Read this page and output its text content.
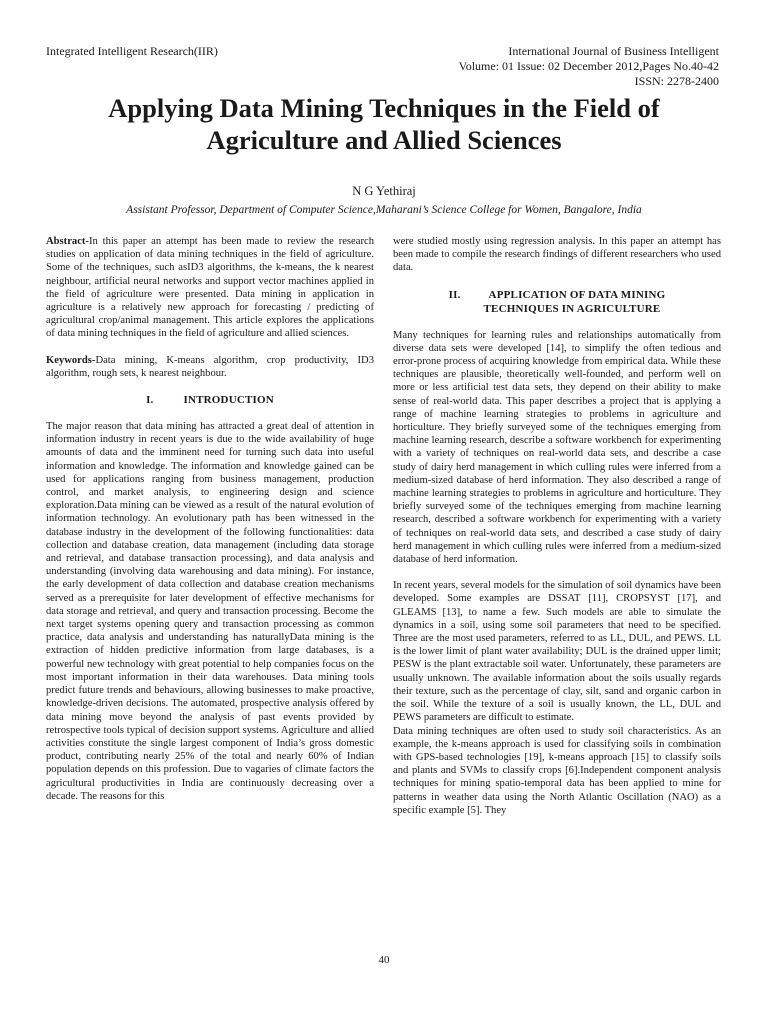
Integrated Intelligent Research(IIR)	International Journal of Business Intelligent
Volume: 01 Issue: 02 December 2012,Pages No.40-42
ISSN: 2278-2400
Applying Data Mining Techniques in the Field of
Agriculture and Allied Sciences
N G Yethiraj
Assistant Professor, Department of Computer Science,Maharani’s Science College for Women, Bangalore, India

Abstract-In this paper an attempt has been made to review the research studies on application of data mining techniques in the field of agriculture. Some of the techniques, such asID3 algorithms, the k-means, the k nearest neighbour, artificial neural networks and support vector machines applied in the field of agriculture were presented. Data mining in application in agriculture is a relatively new approach for forecasting / predicting of agricultural crop/animal management. This article explores the applications of data mining techniques in the field of agriculture and allied sciences.

Keywords-Data mining, K-means algorithm, crop productivity, ID3 algorithm, rough sets, k nearest neighbour.

I.	INTRODUCTION

The major reason that data mining has attracted a great deal of attention in information industry in recent years is due to the wide availability of huge amounts of data and the imminent need for turning such data into useful information and knowledge. The information and knowledge gained can be used for applications ranging from business management, production control, and market analysis, to engineering design and science exploration.Data mining can be viewed as a result of the natural evolution of information technology. An evolutionary path has been witnessed in the database industry in the development of the following functionalities: data collection and database creation, data management (including data storage and retrieval, and database transaction processing), and data analysis and understanding (involving data warehousing and data mining). For instance, the early development of data collection and database creation mechanisms served as a prerequisite for later development of effective mechanisms for data storage and retrieval, and query and transaction processing. Become the next target systems opening query and transaction processing as common practice, data analysis and understanding has naturallyData mining is the extraction of hidden predictive information from large databases, is a powerful new technology with great potential to help companies focus on the most important information in their data warehouses. Data mining tools predict future trends and behaviours, allowing businesses to make proactive, knowledge-driven decisions. The automated, prospective analysis offered by data mining move beyond the analysis of past events provided by retrospective tools typical of decision support systems. Agriculture and allied activities constitute the single largest component of India’s gross domestic product, contributing nearly 25% of the total and nearly 60% of Indian population depends on this profession. Due to vagaries of climate factors the agricultural productivities in India are continuously decreasing over a decade. The reasons for this

were studied mostly using regression analysis. In this paper an attempt has been made to compile the research findings of different researchers who used data.

II.	APPLICATION OF DATA MINING
TECHNIQUES IN AGRICULTURE

Many techniques for learning rules and relationships automatically from diverse data sets were developed [14], to simplify the often tedious and error-prone process of acquiring knowledge from empirical data. While these techniques are plausible, theoretically well-founded, and perform well on more or less artificial test data sets, they depend on their ability to make sense of real-world data. This paper describes a project that is applying a range of machine learning strategies to problems in agriculture and horticulture. They briefly surveyed some of the techniques emerging from machine learning research, describe a software workbench for experimenting with a variety of techniques on real-world data sets, and describe a case study of dairy herd management in which culling rules were inferred from a medium-sized database of herd information. They also described a range of machine learning strategies to problems in agriculture and horticulture. They briefly surveyed some of the techniques emerging from machine learning research, described a software workbench for experimenting with a variety of techniques on real-world data sets, and described a case study of dairy herd management in which culling rules were inferred from a medium-sized database of herd information.

In recent years, several models for the simulation of soil dynamics have been developed. Some examples are DSSAT [11], CROPSYST [17], and GLEAMS [13], to name a few. Such models are able to simulate the dynamics in a soil, using some soil parameters that need to be specified. Three are the most used parameters, referred to as LL, DUL, and PEWS. LL is the lower limit of plant water availability; DUL is the drained upper limit; PESW is the plant extractable soil water. Unfortunately, these parameters are usually unknown. The available information about the soils usually regards their texture, such as the percentage of clay, silt, sand and organic carbon in the soil. While the texture of a soil is usually known, the LL, DUL and PEWS parameters are difficult to estimate.

Data mining techniques are often used to study soil characteristics. As an example, the k-means approach is used for classifying soils in combination with GPS-based technologies [19], k-means approach [15] to classify soils and plants and SVMs to classify crops [6].Independent component analysis techniques for mining spatio-temporal data has been applied to mine for patterns in weather data using the North Atlantic Oscillation (NAO) as a specific example [5]. They

40
